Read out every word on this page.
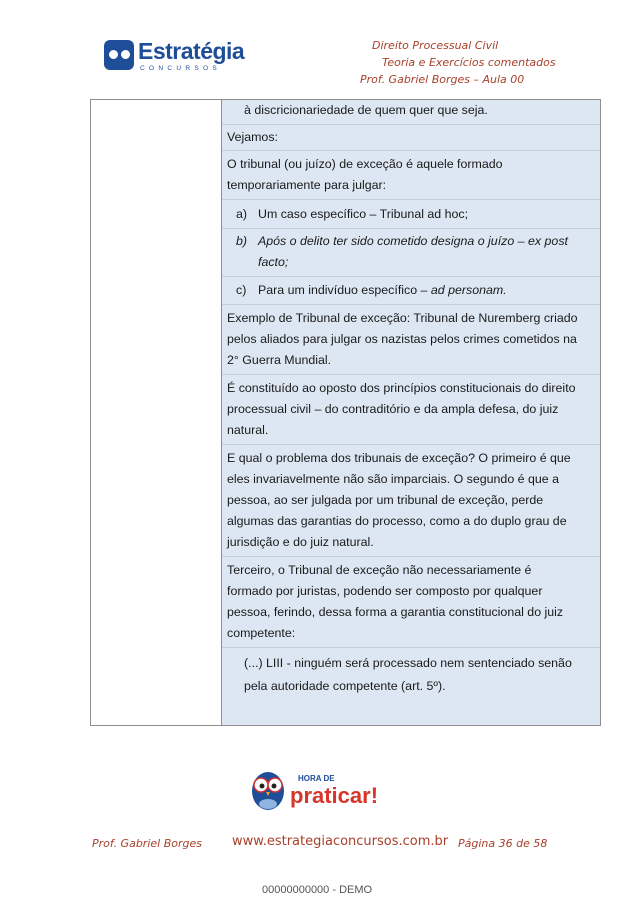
Estratégia
CONCURSOS
Direito Processual Civil
Teoria e Exercícios comentados
Prof. Gabriel Borges – Aula 00

à discricionariedade de quem quer que seja.

Vejamos:

O tribunal (ou juízo) de exceção é aquele formado

temporariamente para julgar:

a) Um caso específico – Tribunal ad hoc;

b) Após o delito ter sido cometido designa o juízo – ex post

facto;

c) Para um indivíduo específico – ad personam.

Exemplo de Tribunal de exceção: Tribunal de Nuremberg criado

pelos aliados para julgar os nazistas pelos crimes cometidos na

2° Guerra Mundial.

É constituído ao oposto dos princípios constitucionais do direito

processual civil – do contraditório e da ampla defesa, do juiz

natural.

E qual o problema dos tribunais de exceção? O primeiro é que

eles invariavelmente não são imparciais. O segundo é que a

pessoa, ao ser julgada por um tribunal de exceção, perde

algumas das garantias do processo, como a do duplo grau de

jurisdição e do juiz natural.

Terceiro, o Tribunal de exceção não necessariamente é

formado por juristas, podendo ser composto por qualquer

pessoa, ferindo, dessa forma a garantia constitucional do juiz

competente:

(...) LIII - ninguém será processado nem sentenciado senão

pela autoridade competente (art. 5º).

HORA DE
praticar!
Prof. Gabriel Borges www.estrategiaconcursos.com.br Página 36 de 58
00000000000 - DEMO
